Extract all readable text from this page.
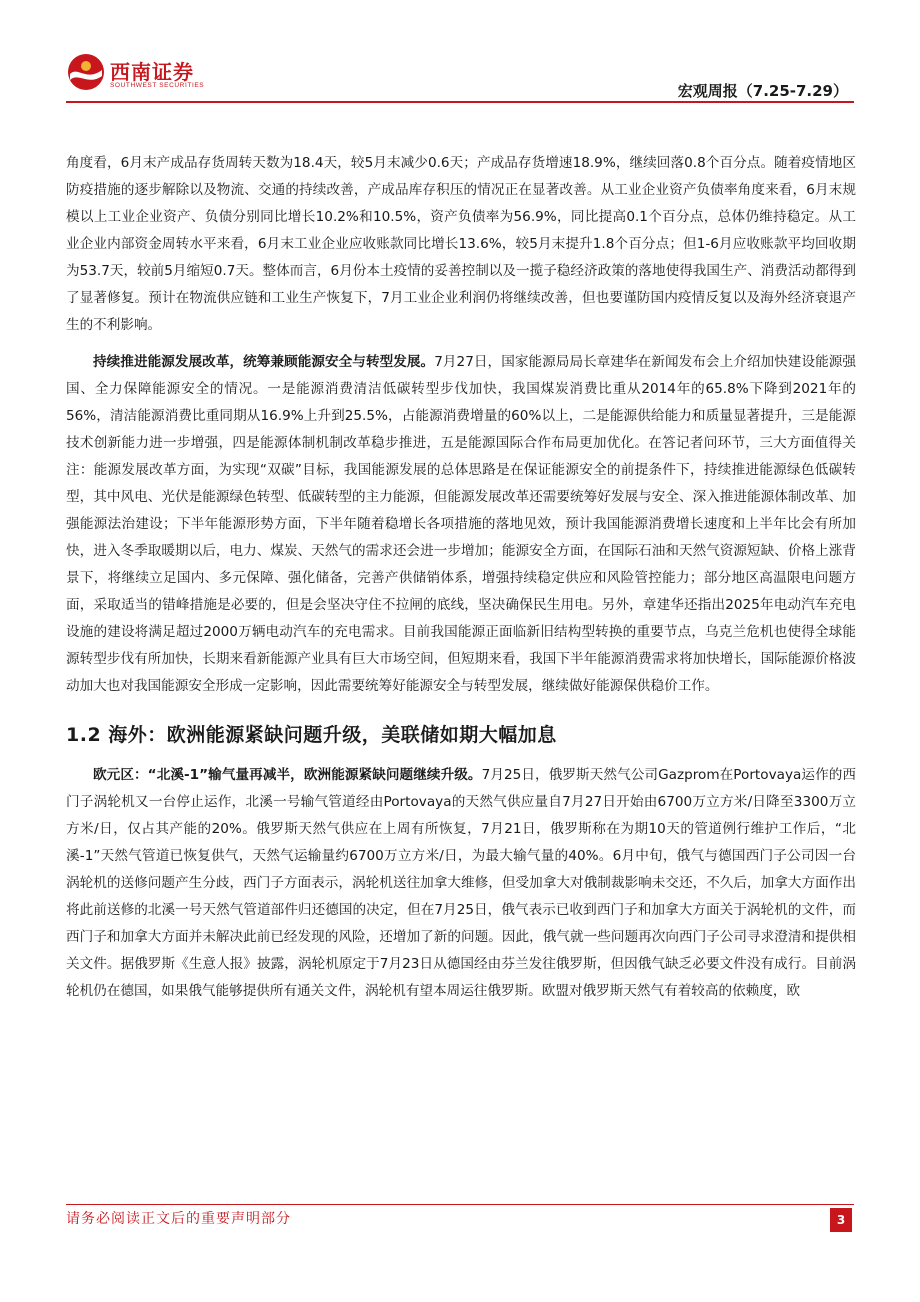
西南证券
SOUTHWEST SECURITIES	宏观周报（7.25-7.29）

角度看，6月末产成品存货周转天数为18.4天，较5月末减少0.6天；产成品存货增速18.9%，继续回落0.8个百分点。随着疫情地区防疫措施的逐步解除以及物流、交通的持续改善，产成品库存积压的情况正在显著改善。从工业企业资产负债率角度来看，6月末规模以上工业企业资产、负债分别同比增长10.2%和10.5%，资产负债率为56.9%，同比提高0.1个百分点，总体仍维持稳定。从工业企业内部资金周转水平来看，6月末工业企业应收账款同比增长13.6%，较5月末提升1.8个百分点；但1-6月应收账款平均回收期为53.7天，较前5月缩短0.7天。整体而言，6月份本土疫情的妥善控制以及一揽子稳经济政策的落地使得我国生产、消费活动都得到了显著修复。预计在物流供应链和工业生产恢复下，7月工业企业利润仍将继续改善，但也要谨防国内疫情反复以及海外经济衰退产生的不利影响。

持续推进能源发展改革，统筹兼顾能源安全与转型发展。7月27日，国家能源局局长章建华在新闻发布会上介绍加快建设能源强国、全力保障能源安全的情况。一是能源消费清洁低碳转型步伐加快，我国煤炭消费比重从2014年的65.8%下降到2021年的56%，清洁能源消费比重同期从16.9%上升到25.5%，占能源消费增量的60%以上，二是能源供给能力和质量显著提升，三是能源技术创新能力进一步增强，四是能源体制机制改革稳步推进，五是能源国际合作布局更加优化。在答记者问环节，三大方面值得关注：能源发展改革方面，为实现“双碳”目标，我国能源发展的总体思路是在保证能源安全的前提条件下，持续推进能源绿色低碳转型，其中风电、光伏是能源绿色转型、低碳转型的主力能源，但能源发展改革还需要统筹好发展与安全、深入推进能源体制改革、加强能源法治建设；下半年能源形势方面，下半年随着稳增长各项措施的落地见效，预计我国能源消费增长速度和上半年比会有所加快，进入冬季取暖期以后，电力、煤炭、天然气的需求还会进一步增加；能源安全方面，在国际石油和天然气资源短缺、价格上涨背景下，将继续立足国内、多元保障、强化储备，完善产供储销体系，增强持续稳定供应和风险管控能力；部分地区高温限电问题方面，采取适当的错峰措施是必要的，但是会坚决守住不拉闸的底线，坚决确保民生用电。另外，章建华还指出2025年电动汽车充电设施的建设将满足超过2000万辆电动汽车的充电需求。目前我国能源正面临新旧结构型转换的重要节点，乌克兰危机也使得全球能源转型步伐有所加快，长期来看新能源产业具有巨大市场空间，但短期来看，我国下半年能源消费需求将加快增长，国际能源价格波动加大也对我国能源安全形成一定影响，因此需要统筹好能源安全与转型发展，继续做好能源保供稳价工作。

1.2 海外：欧洲能源紧缺问题升级，美联储如期大幅加息

欧元区：“北溪-1”输气量再减半，欧洲能源紧缺问题继续升级。7月25日，俄罗斯天然气公司Gazprom在Portovaya运作的西门子涡轮机又一台停止运作，北溪一号输气管道经由Portovaya的天然气供应量自7月27日开始由6700万立方米/日降至3300万立方米/日，仅占其产能的20%。俄罗斯天然气供应在上周有所恢复，7月21日，俄罗斯称在为期10天的管道例行维护工作后，“北溪-1”天然气管道已恢复供气，天然气运输量约6700万立方米/日，为最大输气量的40%。6月中旬，俄气与德国西门子公司因一台涡轮机的送修问题产生分歧，西门子方面表示，涡轮机送往加拿大维修，但受加拿大对俄制裁影响未交还，不久后，加拿大方面作出将此前送修的北溪一号天然气管道部件归还德国的决定，但在7月25日，俄气表示已收到西门子和加拿大方面关于涡轮机的文件，而西门子和加拿大方面并未解决此前已经发现的风险，还增加了新的问题。因此，俄气就一些问题再次向西门子公司寻求澄清和提供相关文件。据俄罗斯《生意人报》披露，涡轮机原定于7月23日从德国经由芬兰发往俄罗斯，但因俄气缺乏必要文件没有成行。目前涡轮机仍在德国，如果俄气能够提供所有通关文件，涡轮机有望本周运往俄罗斯。欧盟对俄罗斯天然气有着较高的依赖度，欧

请务必阅读正文后的重要声明部分	3
